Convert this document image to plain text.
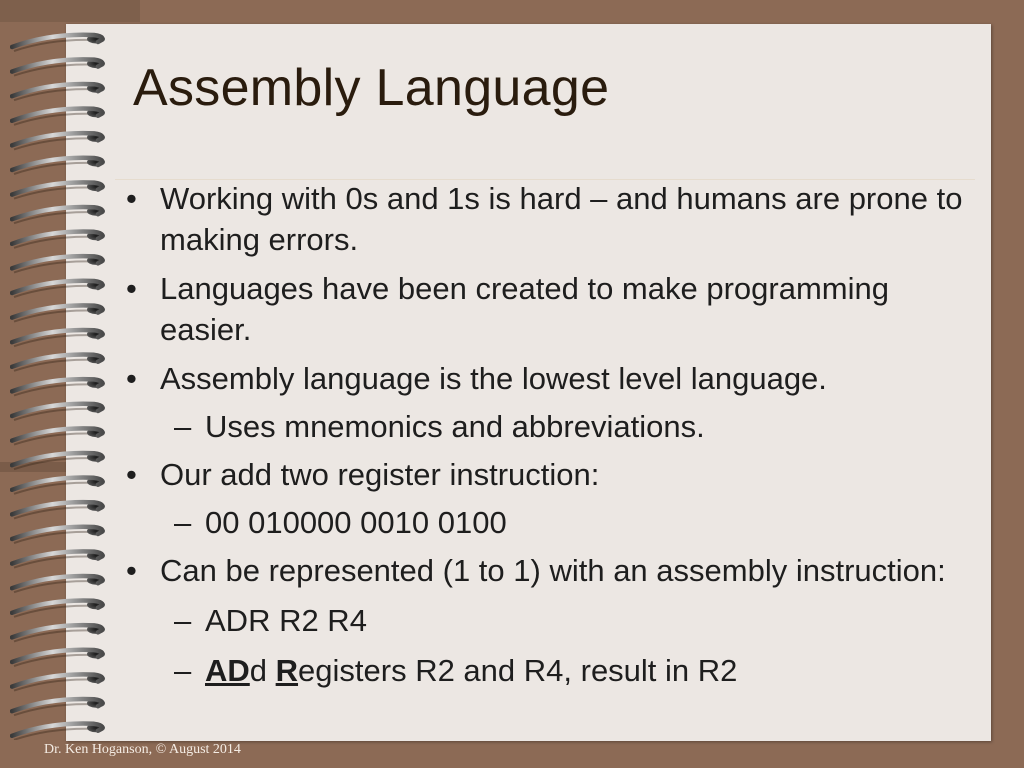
Assembly Language
• Working with 0s and 1s is hard – and humans are prone to making errors.
• Languages have been created to make programming easier.
• Assembly language is the lowest level language.
– Uses mnemonics and abbreviations.
• Our add two register instruction:
– 00 010000 0010 0100
• Can be represented (1 to 1) with an assembly instruction:
– ADR R2 R4
– ADd Registers R2 and R4, result in R2
Dr. Ken Hoganson, © August 2014
